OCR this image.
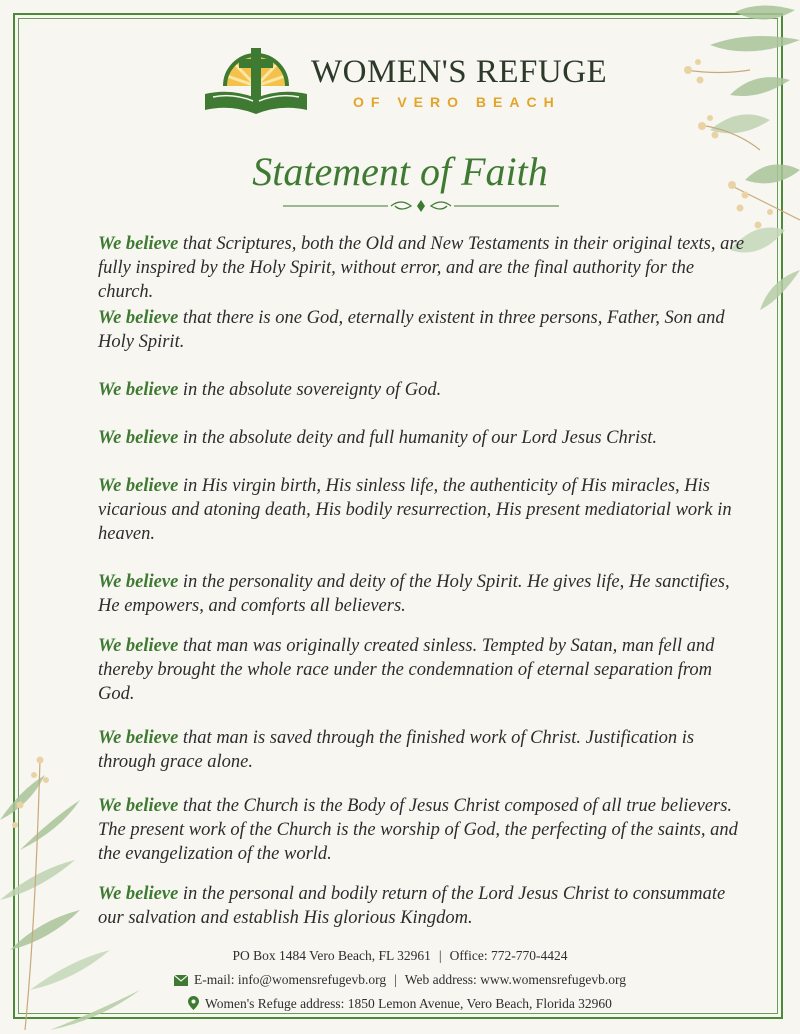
WOMEN'S REFUGE
OF VERO BEACH
Statement of Faith
We believe that Scriptures, both the Old and New Testaments in their original texts, are fully inspired by the Holy Spirit, without error, and are the final authority for the church.
We believe that there is one God, eternally existent in three persons, Father, Son and Holy Spirit.
We believe in the absolute sovereignty of God.
We believe in the absolute deity and full humanity of our Lord Jesus Christ.
We believe in His virgin birth, His sinless life, the authenticity of His miracles, His vicarious and atoning death, His bodily resurrection, His present mediatorial work in heaven.
We believe in the personality and deity of the Holy Spirit. He gives life, He sanctifies, He empowers, and comforts all believers.
We believe that man was originally created sinless. Tempted by Satan, man fell and thereby brought the whole race under the condemnation of eternal separation from God.
We believe that man is saved through the finished work of Christ. Justification is through grace alone.
We believe that the Church is the Body of Jesus Christ composed of all true believers. The present work of the Church is the worship of God, the perfecting of the saints, and the evangelization of the world.
We believe in the personal and bodily return of the Lord Jesus Christ to consummate our salvation and establish His glorious Kingdom.
PO Box 1484 Vero Beach, FL 32961 | Office: 772-770-4424
E-mail: info@womensrefugevb.org | Web address: www.womensrefugevb.org
Women's Refuge address: 1850 Lemon Avenue, Vero Beach, Florida 32960
